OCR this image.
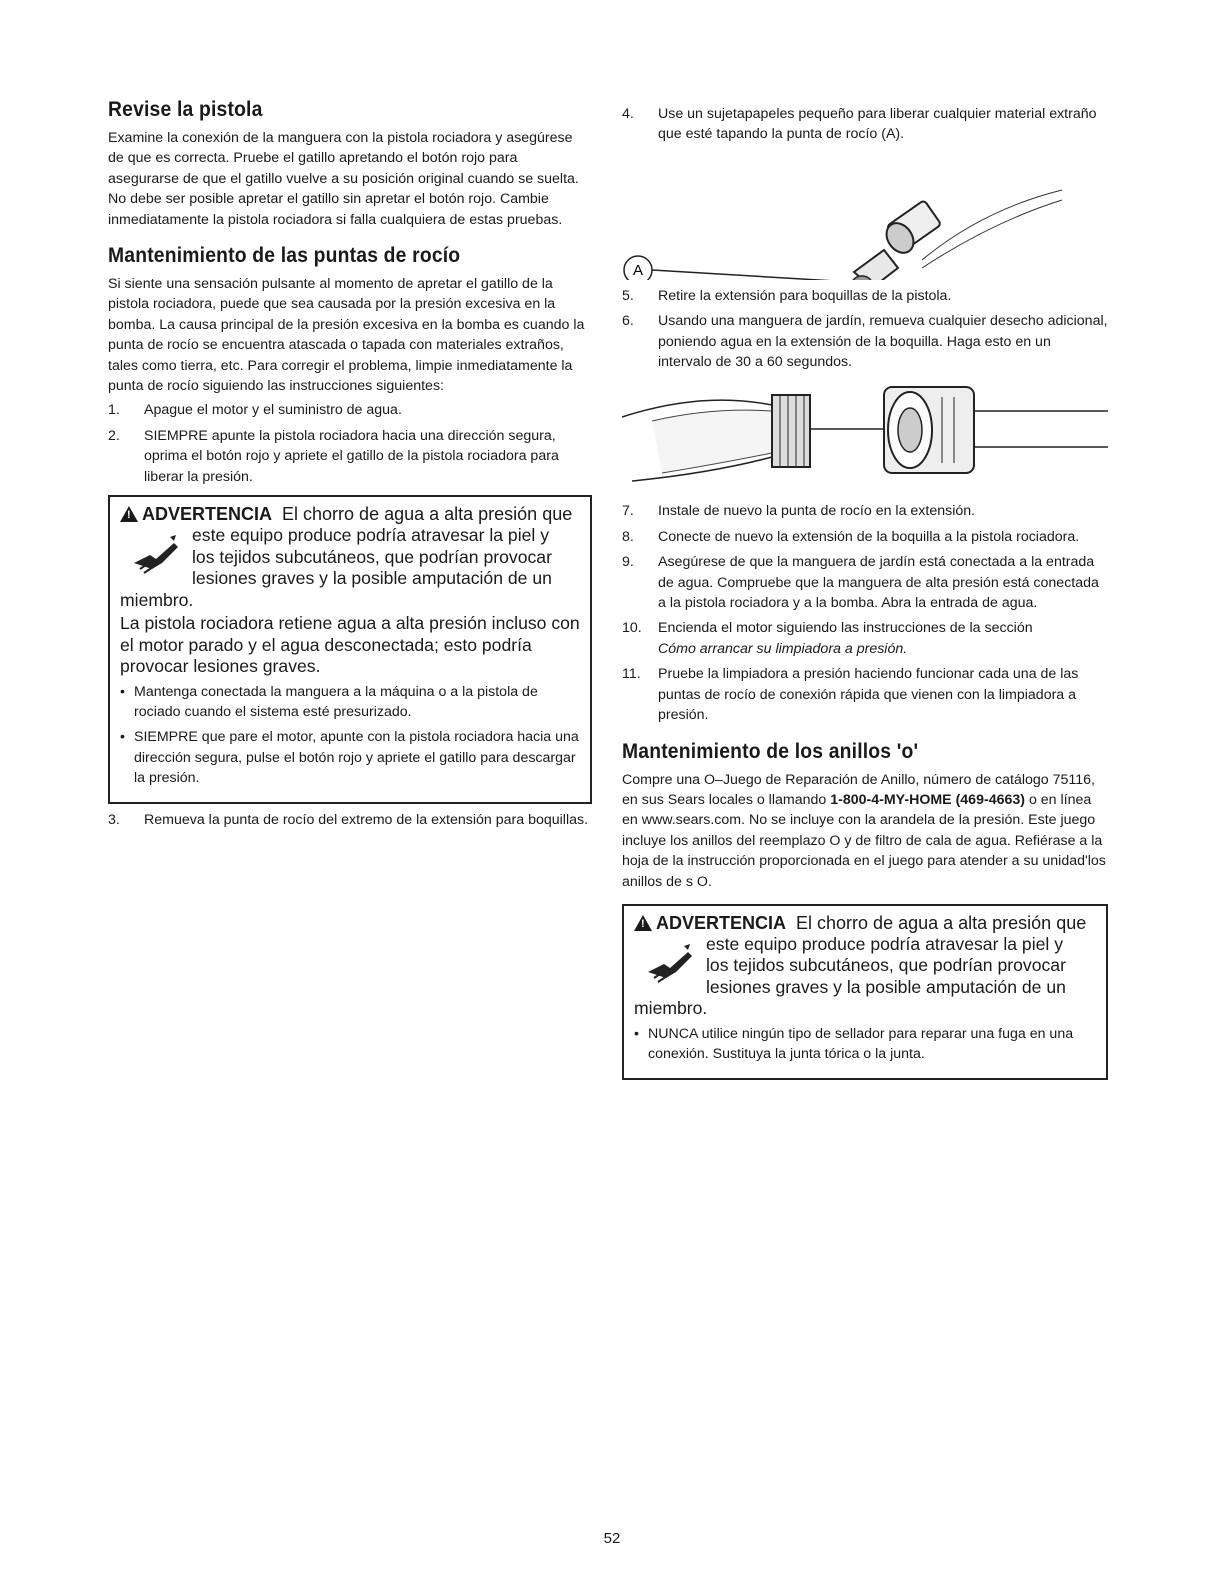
Revise la pistola

Examine la conexión de la manguera con la pistola rociadora y asegúrese de que es correcta. Pruebe el gatillo apretando el botón rojo para asegurarse de que el gatillo vuelve a su posición original cuando se suelta. No debe ser posible apretar el gatillo sin apretar el botón rojo. Cambie inmediatamente la pistola rociadora si falla cualquiera de estas pruebas.

Mantenimiento de las puntas de rocío

Si siente una sensación pulsante al momento de apretar el gatillo de la pistola rociadora, puede que sea causada por la presión excesiva en la bomba. La causa principal de la presión excesiva en la bomba es cuando la punta de rocío se encuentra atascada o tapada con materiales extraños, tales como tierra, etc. Para corregir el problema, limpie inmediatamente la punta de rocío siguiendo las instrucciones siguientes:

1. Apague el motor y el suministro de agua.
2. SIEMPRE apunte la pistola rociadora hacia una dirección segura, oprima el botón rojo y apriete el gatillo de la pistola rociadora para liberar la presión.
!ADVERTENCIA El chorro de agua a alta presión que
este equipo produce podría atravesar la piel y
los tejidos subcutáneos, que podrían provocar
lesiones graves y la posible amputación de un
miembro.
La pistola rociadora retiene agua a alta presión incluso con el motor parado y el agua desconectada; esto podría provocar lesiones graves.
• Mantenga conectada la manguera a la máquina o a la pistola de rociado cuando el sistema esté presurizado.
• SIEMPRE que pare el motor, apunte con la pistola rociadora hacia una dirección segura, pulse el botón rojo y apriete el gatillo para descargar la presión.
3. Remueva la punta de rocío del extremo de la extensión para boquillas.
4. Use un sujetapapeles pequeño para liberar cualquier material extraño que esté tapando la punta de rocío (A).
A
5. Retire la extensión para boquillas de la pistola.
6. Usando una manguera de jardín, remueva cualquier desecho adicional, poniendo agua en la extensión de la boquilla. Haga esto en un intervalo de 30 a 60 segundos.
7. Instale de nuevo la punta de rocío en la extensión.
8. Conecte de nuevo la extensión de la boquilla a la pistola rociadora.
9. Asegúrese de que la manguera de jardín está conectada a la entrada de agua. Compruebe que la manguera de alta presión está conectada a la pistola rociadora y a la bomba. Abra la entrada de agua.
10. Encienda el motor siguiendo las instrucciones de la sección
Cómo arrancar su limpiadora a presión.
11. Pruebe la limpiadora a presión haciendo funcionar cada una de las puntas de rocío de conexión rápida que vienen con la limpiadora a presión.
Mantenimiento de los anillos 'o'

Compre una O–Juego de Reparación de Anillo, número de catálogo 75116, en sus Sears locales o llamando 1-800-4-MY-HOME (469-4663) o en línea en www.sears.com. No se incluye con la arandela de la presión. Este juego incluye los anillos del reemplazo O y de filtro de cala de agua. Refiérase a la hoja de la instrucción proporcionada en el juego para atender a su unidad'los anillos de s O.

!ADVERTENCIA El chorro de agua a alta presión que
este equipo produce podría atravesar la piel y
los tejidos subcutáneos, que podrían provocar
lesiones graves y la posible amputación de un
miembro.
• NUNCA utilice ningún tipo de sellador para reparar una fuga en una conexión. Sustituya la junta tórica o la junta.
52
